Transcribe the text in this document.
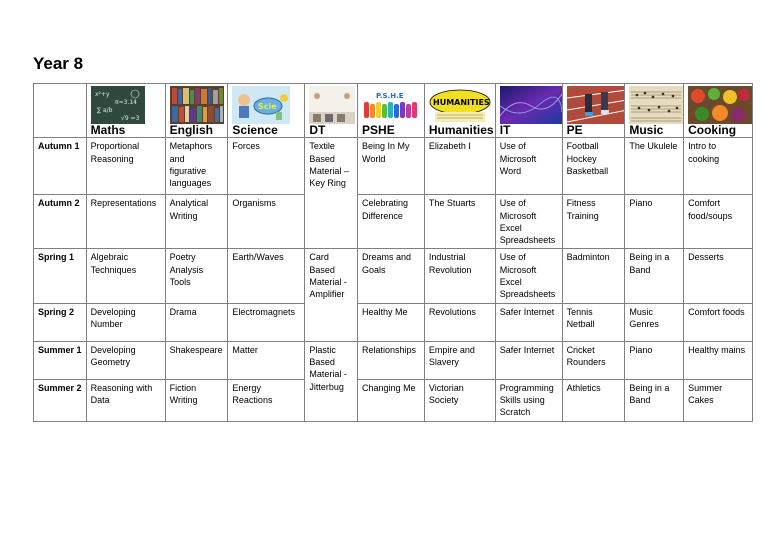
Year 8

x²+y
π=3.14
∑ a/b
√9 =3		Scie		P.S.H.E	HUMANITIES

	Maths	English	Science	DT	PSHE	Humanities	IT	PE	Music	Cooking
Autumn 1	Proportional Reasoning	Metaphors and figurative languages	Forces	Textile Based Material – Key Ring	Being In My World	Elizabeth I	Use of Microsoft Word	Football Hockey Basketball	The Ukulele	Intro to cooking
Autumn 2	Representations	Analytical Writing	Organisms		Celebrating Difference	The Stuarts	Use of Microsoft Excel Spreadsheets	Fitness Training	Piano	Comfort food/soups
Spring 1	Algebraic Techniques	Poetry Analysis Tools	Earth/Waves	Card Based Material - Amplifier	Dreams and Goals	Industrial Revolution	Use of Microsoft Excel Spreadsheets	Badminton	Being in a Band	Desserts
Spring 2	Developing Number	Drama	Electromagnets		Healthy Me	Revolutions	Safer Internet	Tennis Netball	Music Genres	Comfort foods
Summer 1	Developing Geometry	Shakespeare	Matter	Plastic Based Material - Jitterbug	Relationships	Empire and Slavery	Safer Internet	Cricket Rounders	Piano	Healthy mains
Summer 2	Reasoning with Data	Fiction Writing	Energy Reactions		Changing Me	Victorian Society	Programming Skills using Scratch	Athletics	Being in a Band	Summer Cakes
